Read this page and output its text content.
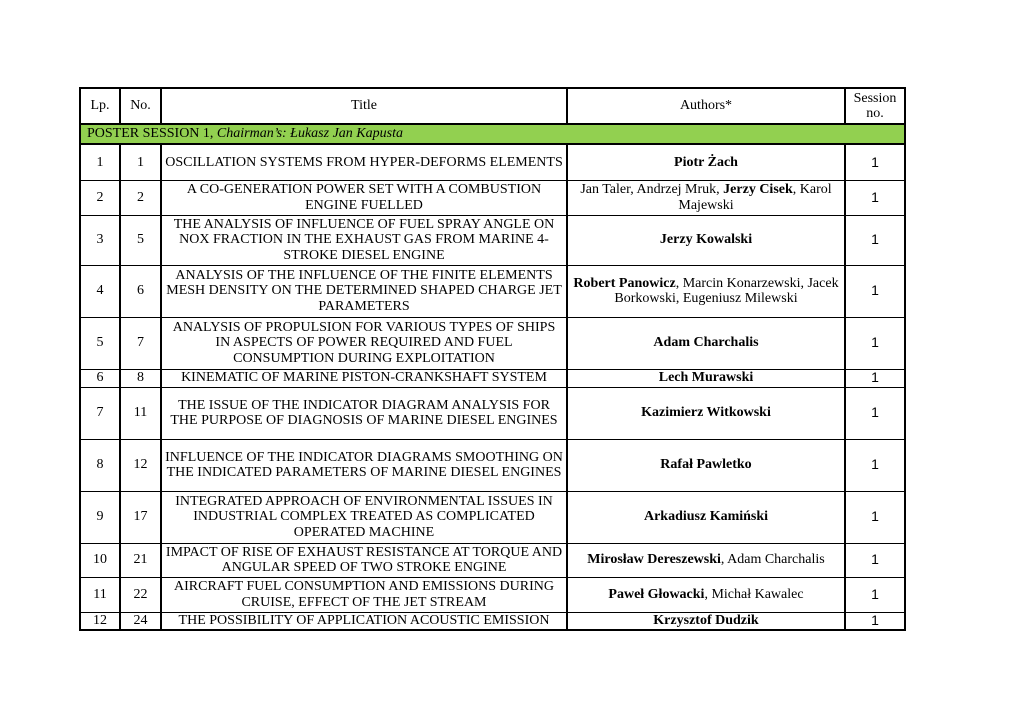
Lp.	No.	Title	Authors*	Session no.
POSTER SESSION 1, Chairman’s: Łukasz Jan Kapusta				
1	1	OSCILLATION SYSTEMS FROM HYPER-DEFORMS ELEMENTS	Piotr Żach	1
2	2	A CO-GENERATION POWER SET WITH A COMBUSTION ENGINE FUELLED	Jan Taler, Andrzej Mruk, Jerzy Cisek, Karol Majewski	1
3	5	THE ANALYSIS OF INFLUENCE OF FUEL SPRAY ANGLE ON NOX FRACTION IN THE EXHAUST GAS FROM MARINE 4-STROKE DIESEL ENGINE	Jerzy Kowalski	1
4	6	ANALYSIS OF THE INFLUENCE OF THE FINITE ELEMENTS MESH DENSITY ON THE DETERMINED SHAPED CHARGE JET PARAMETERS	Robert Panowicz, Marcin Konarzewski, Jacek Borkowski, Eugeniusz Milewski	1
5	7	ANALYSIS OF PROPULSION FOR VARIOUS TYPES OF SHIPS IN ASPECTS OF POWER REQUIRED AND FUEL CONSUMPTION DURING EXPLOITATION	Adam Charchalis	1
6	8	KINEMATIC OF MARINE PISTON-CRANKSHAFT SYSTEM	Lech Murawski	1
7	11	THE ISSUE OF THE INDICATOR DIAGRAM ANALYSIS FOR THE PURPOSE OF DIAGNOSIS OF MARINE DIESEL ENGINES	Kazimierz Witkowski	1
8	12	INFLUENCE OF THE INDICATOR DIAGRAMS SMOOTHING ON THE INDICATED PARAMETERS OF MARINE DIESEL ENGINES	Rafał Pawletko	1
9	17	INTEGRATED APPROACH OF ENVIRONMENTAL ISSUES IN INDUSTRIAL COMPLEX TREATED AS COMPLICATED OPERATED MACHINE	Arkadiusz Kamiński	1
10	21	IMPACT OF RISE OF EXHAUST RESISTANCE AT TORQUE AND ANGULAR SPEED OF TWO STROKE ENGINE	Mirosław Dereszewski, Adam Charchalis	1
11	22	AIRCRAFT FUEL CONSUMPTION AND EMISSIONS DURING CRUISE, EFFECT OF THE JET STREAM	Paweł Głowacki, Michał Kawalec	1
12	24	THE POSSIBILITY OF APPLICATION ACOUSTIC EMISSION	Krzysztof Dudzik	1
